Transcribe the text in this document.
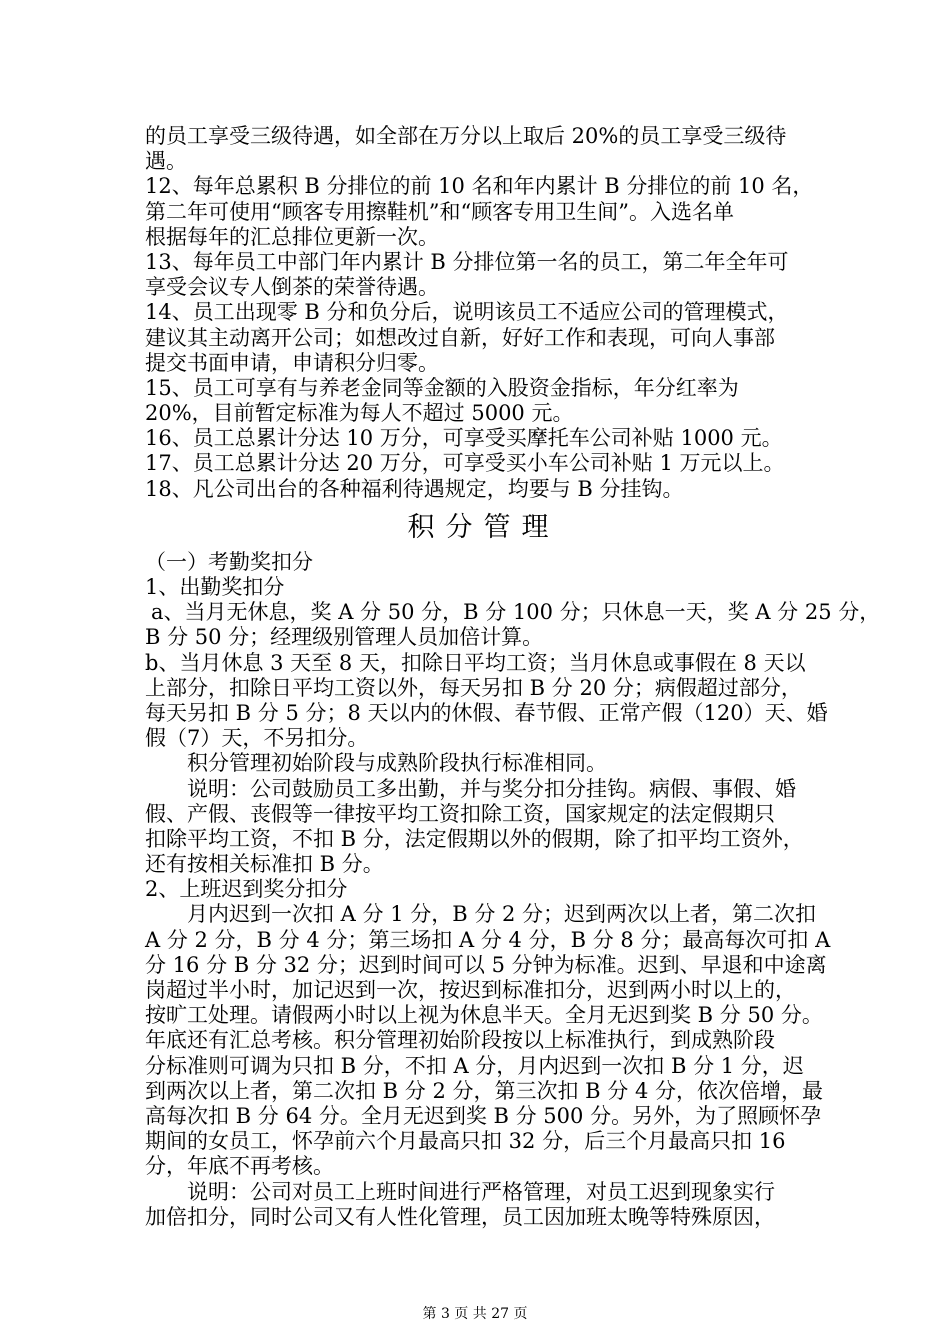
的员工享受三级待遇，如全部在万分以上取后 20%的员工享受三级待
遇。
12、每年总累积 B 分排位的前 10 名和年内累计 B 分排位的前 10 名，
第二年可使用“顾客专用擦鞋机”和“顾客专用卫生间”。入选名单
根据每年的汇总排位更新一次。
13、每年员工中部门年内累计 B 分排位第一名的员工，第二年全年可
享受会议专人倒茶的荣誉待遇。
14、员工出现零 B 分和负分后，说明该员工不适应公司的管理模式，
建议其主动离开公司；如想改过自新，好好工作和表现，可向人事部
提交书面申请，申请积分归零。
15、员工可享有与养老金同等金额的入股资金指标，年分红率为
20%，目前暂定标准为每人不超过 5000 元。
16、员工总累计分达 10 万分，可享受买摩托车公司补贴 1000 元。
17、员工总累计分达 20 万分，可享受买小车公司补贴 1 万元以上。
18、凡公司出台的各种福利待遇规定，均要与 B 分挂钩。
积分管理
（一）考勤奖扣分
1、出勤奖扣分
a、当月无休息，奖 A 分 50 分，B 分 100 分；只休息一天，奖 A 分 25 分，
B 分 50 分；经理级别管理人员加倍计算。
b、当月休息 3 天至 8 天，扣除日平均工资；当月休息或事假在 8 天以
上部分，扣除日平均工资以外，每天另扣 B 分 20 分；病假超过部分，
每天另扣 B 分 5 分；8 天以内的休假、春节假、正常产假（120）天、婚
假（7）天，不另扣分。
积分管理初始阶段与成熟阶段执行标准相同。
说明：公司鼓励员工多出勤，并与奖分扣分挂钩。病假、事假、婚
假、产假、丧假等一律按平均工资扣除工资，国家规定的法定假期只
扣除平均工资，不扣 B 分，法定假期以外的假期，除了扣平均工资外，
还有按相关标准扣 B 分。
2、上班迟到奖分扣分
月内迟到一次扣 A 分 1 分，B 分 2 分；迟到两次以上者，第二次扣
A 分 2 分，B 分 4 分；第三场扣 A 分 4 分，B 分 8 分；最高每次可扣 A
分 16 分 B 分 32 分；迟到时间可以 5 分钟为标准。迟到、早退和中途离
岗超过半小时，加记迟到一次，按迟到标准扣分，迟到两小时以上的，
按旷工处理。请假两小时以上视为休息半天。全月无迟到奖 B 分 50 分。
年底还有汇总考核。积分管理初始阶段按以上标准执行，到成熟阶段
分标准则可调为只扣 B 分，不扣 A 分，月内迟到一次扣 B 分 1 分，迟
到两次以上者，第二次扣 B 分 2 分，第三次扣 B 分 4 分，依次倍增，最
高每次扣 B 分 64 分。全月无迟到奖 B 分 500 分。另外，为了照顾怀孕
期间的女员工，怀孕前六个月最高只扣 32 分，后三个月最高只扣 16
分，年底不再考核。
说明：公司对员工上班时间进行严格管理，对员工迟到现象实行
加倍扣分，同时公司又有人性化管理，员工因加班太晚等特殊原因，
第 3 页 共 27 页
